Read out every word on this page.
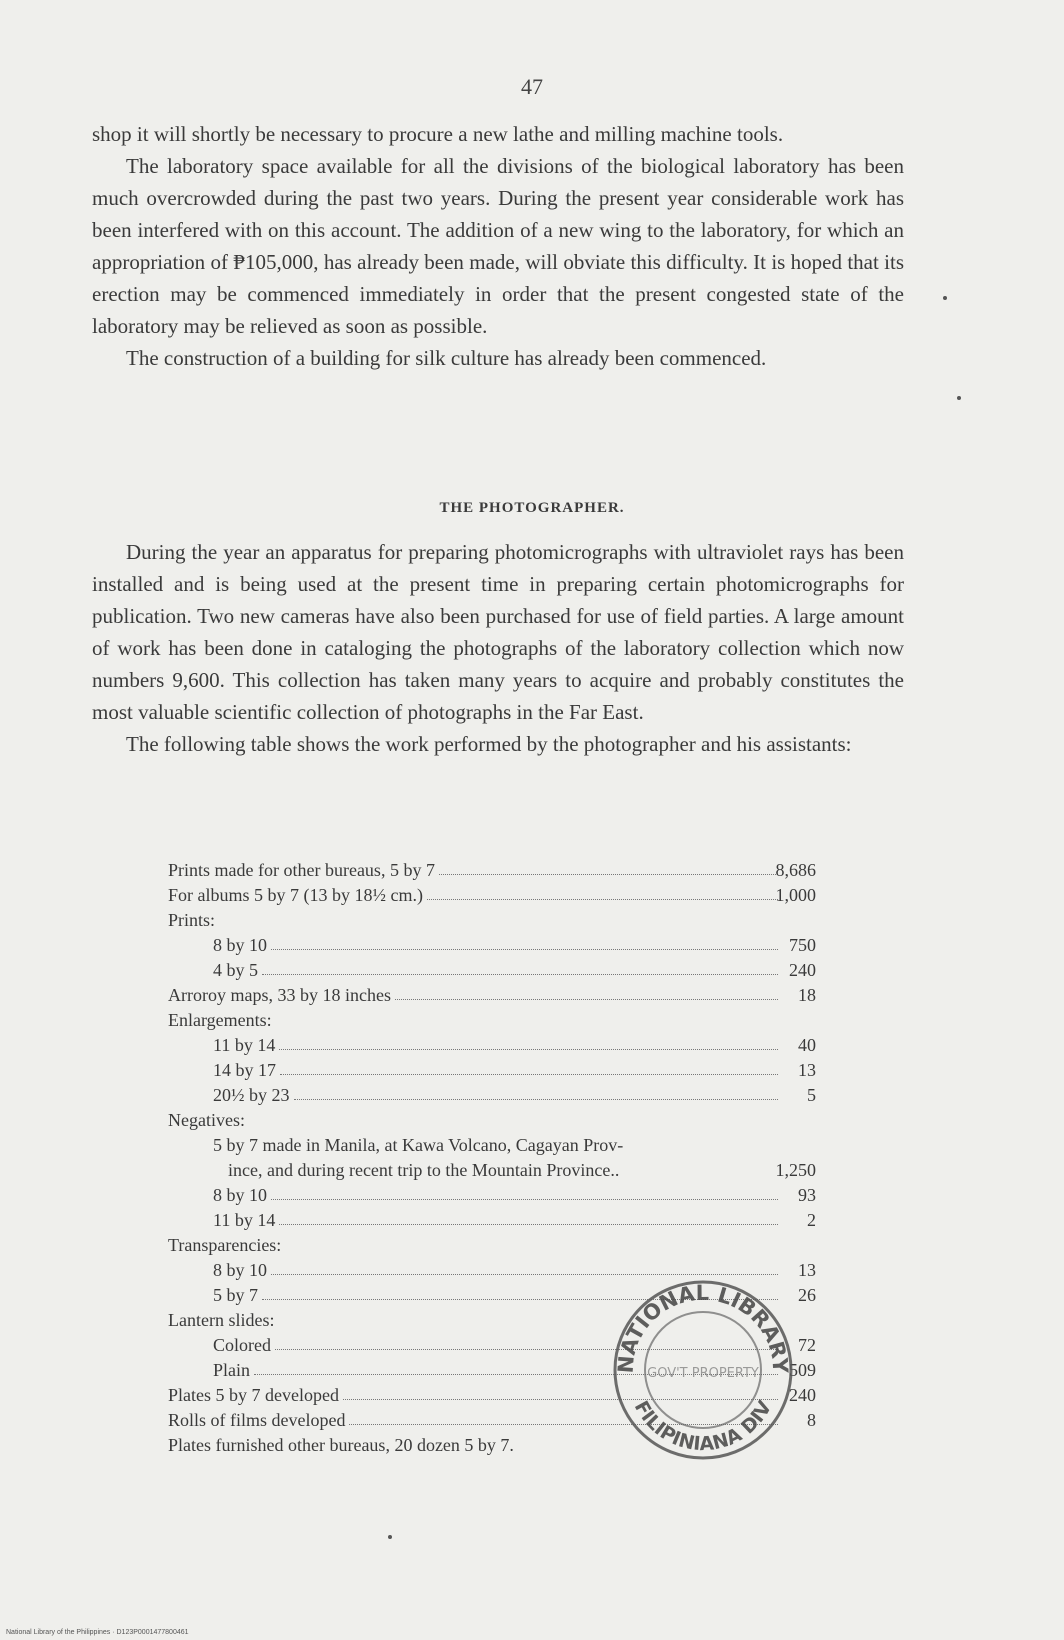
47

shop it will shortly be necessary to procure a new lathe and milling machine tools.

The laboratory space available for all the divisions of the biological laboratory has been much overcrowded during the past two years. During the present year considerable work has been interfered with on this account. The addition of a new wing to the laboratory, for which an appropriation of ₱105,000, has already been made, will obviate this difficulty. It is hoped that its erection may be commenced immediately in order that the present congested state of the laboratory may be relieved as soon as possible.

The construction of a building for silk culture has already been commenced.

THE PHOTOGRAPHER.

During the year an apparatus for preparing photomicrographs with ultraviolet rays has been installed and is being used at the present time in preparing certain photomicrographs for publication. Two new cameras have also been purchased for use of field parties. A large amount of work has been done in cataloging the photographs of the laboratory collection which now numbers 9,600. This collection has taken many years to acquire and probably constitutes the most valuable scientific collection of photographs in the Far East.

The following table shows the work performed by the photographer and his assistants:

Prints made for other bureaus, 5 by 7	8,686
For albums 5 by 7 (13 by 18½ cm.)	1,000
Prints:
8 by 10	750
4 by 5	240
Arroroy maps, 33 by 18 inches	18
Enlargements:
11 by 14	40
14 by 17	13
20½ by 23	5
Negatives:
5 by 7 made in Manila, at Kawa Volcano, Cagayan Prov-
ince, and during recent trip to the Mountain Province..	1,250
8 by 10	93
11 by 14	2
Transparencies:
8 by 10	13
5 by 7	26
Lantern slides:
Colored	72
Plain	509
Plates 5 by 7 developed	240
Rolls of films developed	8
Plates furnished other bureaus, 20 dozen 5 by 7.
NATIONAL LIBRARY
GOV'T PROPERTY
FILIPINIANA DIV
National Library of the Philippines · D123P0001477800461
